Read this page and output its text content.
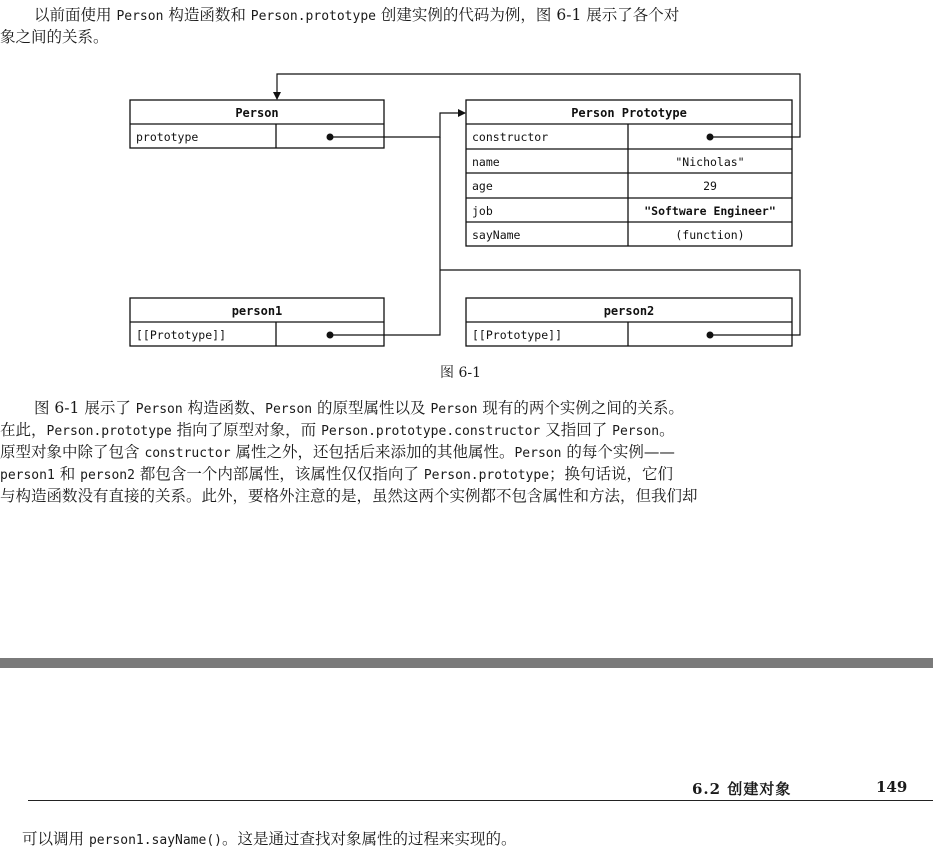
以前面使用 Person 构造函数和 Person.prototype 创建实例的代码为例，图 6-1 展示了各个对
象之间的关系。
Person
prototype
Person Prototype
constructor
name
age
job
sayName
"Nicholas"
29
"Software Engineer"
(function)
person1
[[Prototype]]
person2
[[Prototype]]
图 6-1
图 6-1 展示了 Person 构造函数、Person 的原型属性以及 Person 现有的两个实例之间的关系。
在此，Person.prototype 指向了原型对象，而 Person.prototype.constructor 又指回了 Person。
原型对象中除了包含 constructor 属性之外，还包括后来添加的其他属性。Person 的每个实例——
person1 和 person2 都包含一个内部属性，该属性仅仅指向了 Person.prototype；换句话说，它们
与构造函数没有直接的关系。此外，要格外注意的是，虽然这两个实例都不包含属性和方法，但我们却
6.2 创建对象	149
可以调用 person1.sayName()。这是通过查找对象属性的过程来实现的。
